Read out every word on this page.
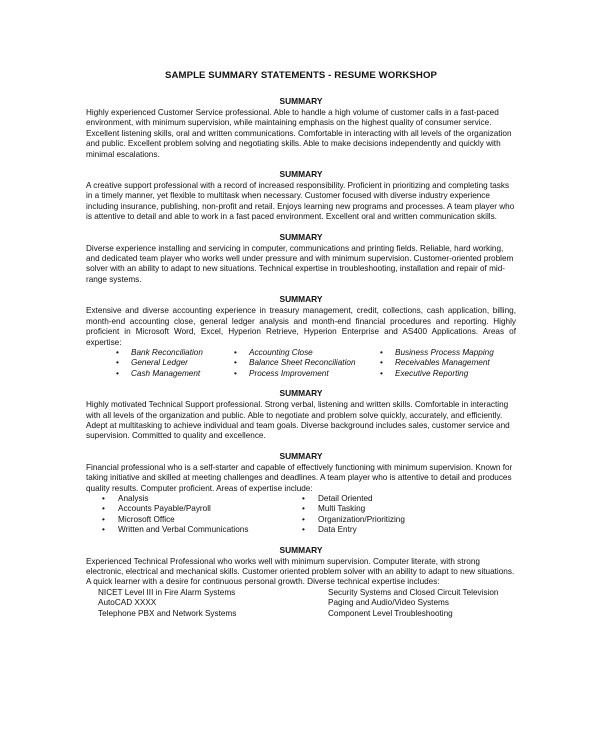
SAMPLE SUMMARY STATEMENTS - RESUME WORKSHOP
SUMMARY

Highly experienced Customer Service professional. Able to handle a high volume of customer calls in a fast-paced environment, with minimum supervision, while maintaining emphasis on the highest quality of consumer service. Excellent listening skills, oral and written communications. Comfortable in interacting with all levels of the organization and public. Excellent problem solving and negotiating skills. Able to make decisions independently and quickly with minimal escalations.

SUMMARY

A creative support professional with a record of increased responsibility. Proficient in prioritizing and completing tasks in a timely manner, yet flexible to multitask when necessary. Customer focused with diverse industry experience including insurance, publishing, non-profit and retail. Enjoys learning new programs and processes. A team player who is attentive to detail and able to work in a fast paced environment. Excellent oral and written communication skills.

SUMMARY

Diverse experience installing and servicing in computer, communications and printing fields. Reliable, hard working, and dedicated team player who works well under pressure and with minimum supervision. Customer-oriented problem solver with an ability to adapt to new situations. Technical expertise in troubleshooting, installation and repair of mid-range systems.

SUMMARY

Extensive and diverse accounting experience in treasury management, credit, collections, cash application, billing, month-end accounting close, general ledger analysis and month-end financial procedures and reporting. Highly proficient in Microsoft Word, Excel, Hyperion Retrieve, Hyperion Enterprise and AS400 Applications. Areas of expertise:

• Bank Reconciliation	• Accounting Close	• Business Process Mapping
• General Ledger	• Balance Sheet Reconciliation	• Receivables Management
• Cash Management	• Process Improvement	• Executive Reporting
SUMMARY

Highly motivated Technical Support professional. Strong verbal, listening and written skills. Comfortable in interacting with all levels of the organization and public. Able to negotiate and problem solve quickly, accurately, and efficiently. Adept at multitasking to achieve individual and team goals. Diverse background includes sales, customer service and supervision. Committed to quality and excellence.

SUMMARY

Financial professional who is a self-starter and capable of effectively functioning with minimum supervision. Known for taking initiative and skilled at meeting challenges and deadlines. A team player who is attentive to detail and produces quality results. Computer proficient. Areas of expertise include:

• Analysis	• Detail Oriented
• Accounts Payable/Payroll	• Multi Tasking
• Microsoft Office	• Organization/Prioritizing
• Written and Verbal Communications	• Data Entry
SUMMARY

Experienced Technical Professional who works well with minimum supervision. Computer literate, with strong electronic, electrical and mechanical skills. Customer oriented problem solver with an ability to adapt to new situations. A quick learner with a desire for continuous personal growth. Diverse technical expertise includes:

NICET Level III in Fire Alarm Systems	Security Systems and Closed Circuit Television
AutoCAD XXXX	Paging and Audio/Video Systems
Telephone PBX and Network Systems	Component Level Troubleshooting
